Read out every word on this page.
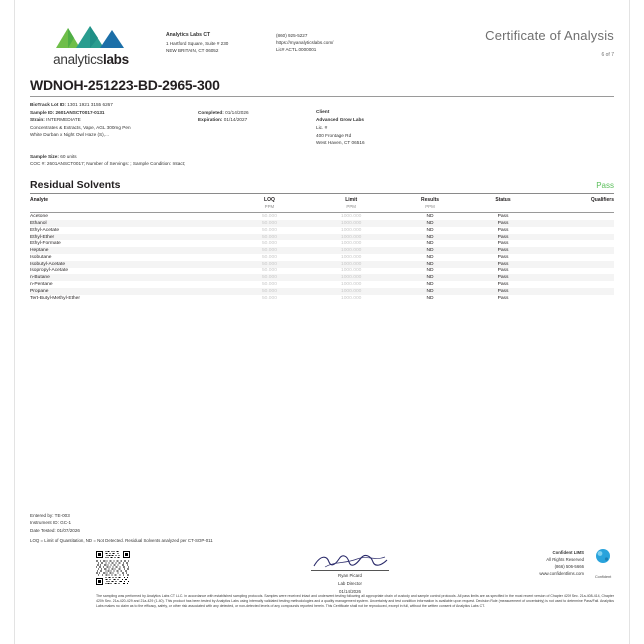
analyticslabs
Analytics Labs CT
1 Hartford Square, Suite # 230
NEW BRITAIN, CT 06052
(860) 925-5227
https://myanalyticslabs.com/
Lic# ACTL.0000001
Certificate of Analysis
6 of 7
WDNOH-251223-BD-2965-300
BioTrack Lot ID: 1301 1921 3155 6267
Sample ID: 2601ANSCT0017-0131
Strain: INTERMEDIATE
Concentrates & Extracts, Vape, AGL 300mg Pen
White Durban x Night Owl Haze (S),...
Completed: 01/14/2026
Expiration: 01/14/2027
Client
Advanced Grow Labs
Lic. #
400 Frontage Rd
West Haven, CT 06516
Sample Size: 60 units
COC #: 2601ANSCT0017; Number of Servings: ; Sample Condition: Intact;
Residual Solvents	Pass
Analyte	LOQ	Limit	Results	Status	Qualifiers
	PPM	PPM	PPM		

Acetone	50.000	1000.000	ND	Pass	
Ethanol	50.000	1000.000	ND	Pass	
Ethyl-Acetate	50.000	1000.000	ND	Pass	
Ethyl-Ether	50.000	1000.000	ND	Pass	
Ethyl-Formate	50.000	1000.000	ND	Pass	
Heptane	50.000	1000.000	ND	Pass	
Isobutane	50.000	1000.000	ND	Pass	
Isobutyl-Acetate	50.000	1000.000	ND	Pass	
Isopropyl-Acetate	50.000	1000.000	ND	Pass	
n-Butane	50.000	1000.000	ND	Pass	
n-Pentane	50.000	1000.000	ND	Pass	
Propane	50.000	1000.000	ND	Pass	
Tert-Butyl-Methyl-Ether	50.000	1000.000	ND	Pass	
Entered by: TE-003
Instrument ID: GC-1
Date Tested: 01/07/2026
LOQ = Limit of Quantitation, ND = Not Detected. Residual Solvents analyzed per CT-SOP-011
Ryan Picard
Lab Director
01/14/2026
Confident LIMS
All Rights Reserved
(866) 506-5666
www.confidentlims.com
Confident
The sampling was performed by Analytics Labs CT LLC. in accordance with established sampling protocols. Samples were received intact and underwent testing following all appropriate chain of custody and sample control protocols. All pass limits are as specified in the most recent version of Chapter 420f Sec. 21a-408-414, Chapter 420h Sec. 21a-420-429 and 21a-429 (1-40). This product has been tested by Analytics Labs using internally validated testing methodologies and a quality management system. Uncertainty and test condition information is available upon request. Decision Rule (measurement of uncertainty) is not used to determine Pass/Fail. Analytics Labs makes no claim as to the efficacy, safety, or other risk associated with any detected, or non-detected levels of any compounds reported herein. This Certificate shall not be reproduced, except in full, without the written consent of Analytics Labs CT.
